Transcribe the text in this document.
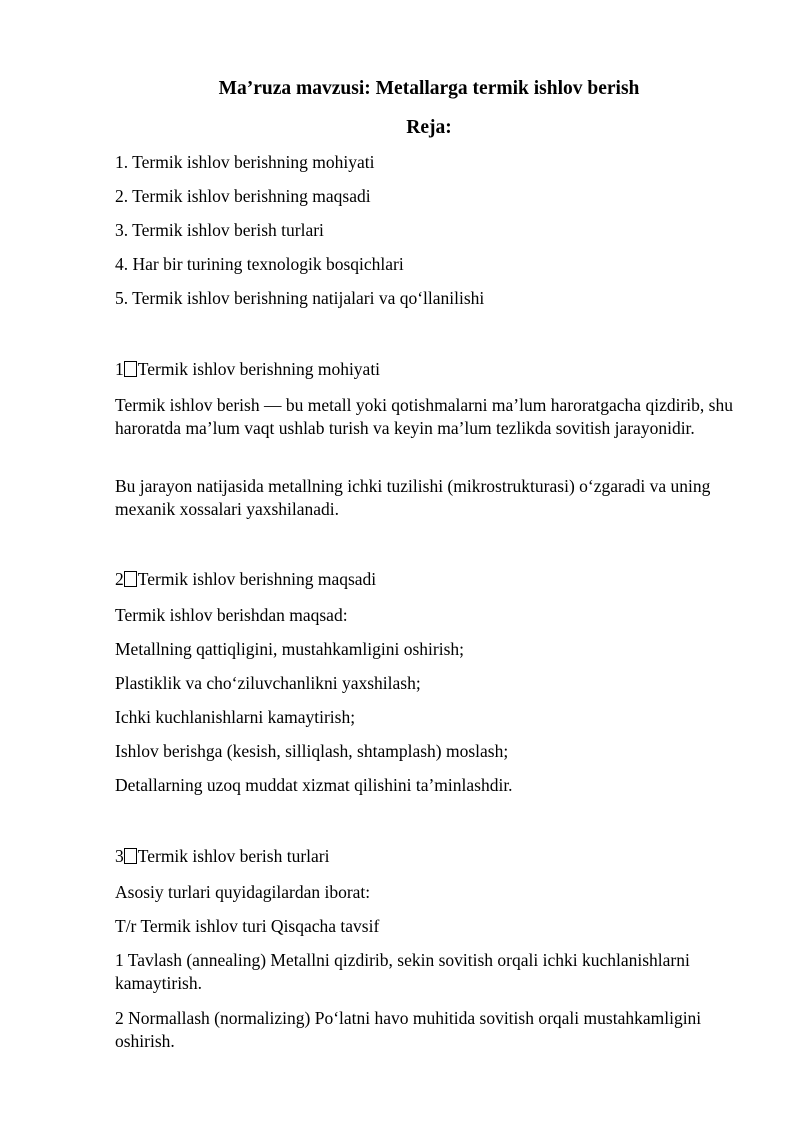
Ma’ruza mavzusi: Metallarga termik ishlov berish
Reja:
1. Termik ishlov berishning mohiyati
2. Termik ishlov berishning maqsadi
3. Termik ishlov berish turlari
4. Har bir turining texnologik bosqichlari
5. Termik ishlov berishning natijalari va qo‘llanilishi
1 Termik ishlov berishning mohiyati
Termik ishlov berish — bu metall yoki qotishmalarni ma’lum haroratgacha qizdirib, shu haroratda ma’lum vaqt ushlab turish va keyin ma’lum tezlikda sovitish jarayonidir.
Bu jarayon natijasida metallning ichki tuzilishi (mikrostrukturasi) o‘zgaradi va uning mexanik xossalari yaxshilanadi.
2 Termik ishlov berishning maqsadi
Termik ishlov berishdan maqsad:
Metallning qattiqligini, mustahkamligini oshirish;
Plastiklik va cho‘ziluvchanlikni yaxshilash;
Ichki kuchlanishlarni kamaytirish;
Ishlov berishga (kesish, silliqlash, shtamplash) moslash;
Detallarning uzoq muddat xizmat qilishini ta’minlashdir.
3 Termik ishlov berish turlari
Asosiy turlari quyidagilardan iborat:
T/r Termik ishlov turi Qisqacha tavsif
1 Tavlash (annealing) Metallni qizdirib, sekin sovitish orqali ichki kuchlanishlarni kamaytirish.
2 Normallash (normalizing) Po‘latni havo muhitida sovitish orqali mustahkamligini oshirish.
